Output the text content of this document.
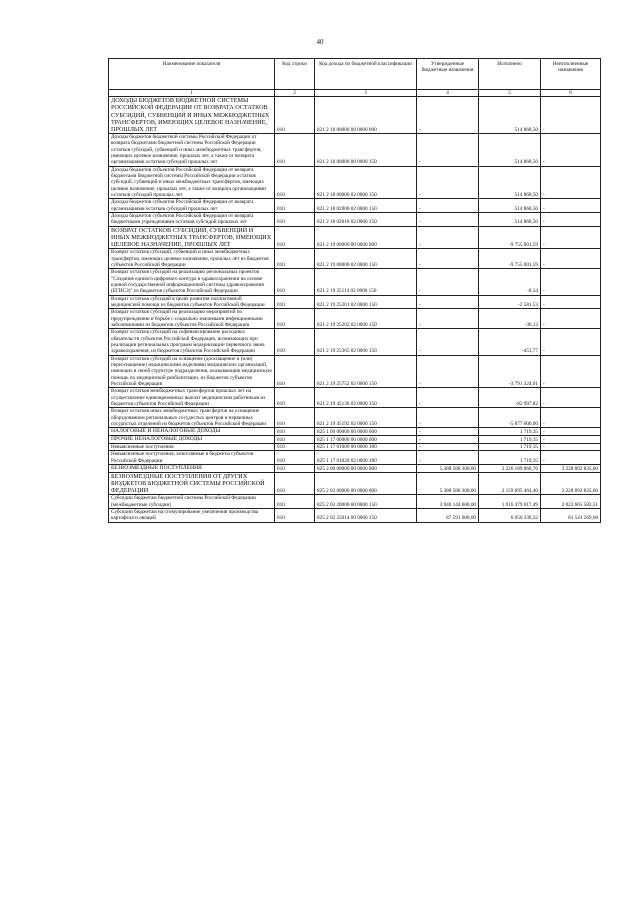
40
Наименование показателя	Код строки	Код дохода по бюджетной классификации	Утвержденные бюджетные назначения	Исполнено	Неисполненные назначения
1	2	3	4	5	6
ДОХОДЫ БЮДЖЕТОВ БЮДЖЕТНОЙ СИСТЕМЫ РОССИЙСКОЙ ФЕДЕРАЦИИ ОТ ВОЗВРАТА ОСТАТКОВ СУБСИДИЙ, СУБВЕНЦИЙ И ИНЫХ МЕЖБЮДЖЕТНЫХ ТРАНСФЕРТОВ, ИМЕЮЩИХ ЦЕЛЕВОЕ НАЗНАЧЕНИЕ, ПРОШЛЫХ ЛЕТ	010	821 2 18 00000 00 0000 000	-	514 868,50	-
Доходы бюджетов бюджетной системы Российской Федерации от возврата бюджетами бюджетной системы Российской Федерации остатков субсидий, субвенций и иных межбюджетных трансфертов, имеющих целевое назначение, прошлых лет, а также от возврата организациями остатков субсидий прошлых лет	010	821 2 18 00000 00 0000 150	-	514 868,50	-
Доходы бюджетов субъектов Российской Федерации от возврата бюджетами бюджетной системы Российской Федерации остатков субсидий, субвенций и иных межбюджетных трансфертов, имеющих целевое назначение, прошлых лет, а также от возврата организациями остатков субсидий прошлых лет	010	821 2 18 00000 02 0000 150	-	514 868,50	-
Доходы бюджетов субъектов Российской Федерации от возврата организациями остатков субсидий прошлых лет	010	821 2 18 02000 02 0000 150	-	514 868,50	-
Доходы бюджетов субъектов Российской Федерации от возврата бюджетными учреждениями остатков субсидий прошлых лет	010	821 2 18 02010 02 0000 150	-	514 868,50	-
ВОЗВРАТ ОСТАТКОВ СУБСИДИЙ, СУБВЕНЦИЙ И ИНЫХ МЕЖБЮДЖЕТНЫХ ТРАНСФЕРТОВ, ИМЕЮЩИХ ЦЕЛЕВОЕ НАЗНАЧЕНИЕ, ПРОШЛЫХ ЛЕТ	010	821 2 19 00000 00 0000 000	-	-9 755 001,59	-
Возврат остатков субсидий, субвенций и иных межбюджетных трансфертов, имеющих целевое назначение, прошлых лет из бюджетов субъектов Российской Федерации	010	821 2 19 00000 02 0000 150	-	-9 755 001,59	-
Возврат остатков субсидий на реализацию региональных проектов "Создание единого цифрового контура в здравоохранении на основе единой государственной информационной системы здравоохранения (ЕГИСЗ)" из бюджетов субъектов Российской Федерации	010	821 2 19 25114 02 0000 150	-	-8,34	-
Возврат остатков субсидий в целях развития паллиативной медицинской помощи из бюджетов субъектов Российской Федерации	010	821 2 19 25201 02 0000 150	-	-2 581,53	-
Возврат остатков субсидий на реализацию мероприятий по предупреждению и борьбе с социально значимыми инфекционными заболеваниями из бюджетов субъектов Российской Федерации	010	821 2 19 25202 02 0000 150	-	-36,12	-
Возврат остатков субсидий на софинансирование расходных обязательств субъектов Российской Федерации, возникающих при реализации региональных программ модернизации первичного звена здравоохранения, из бюджетов субъектов Российской Федерации	010	821 2 19 25365 02 0000 150	-	-453,77	-
Возврат остатков субсидий на оснащение (дооснащение и (или) переоснащение) медицинскими изделиями медицинских организаций, имеющих в своей структуре подразделения, оказывающие медицинскую помощь по медицинской реабилитации, из бюджетов субъектов Российской Федерации	010	821 2 19 25752 02 0000 150	-	-3 791 324,01	-
Возврат остатков межбюджетных трансфертов прошлых лет на осуществление единовременных выплат медицинским работникам из бюджетов субъектов Российской Федерации	010	821 2 19 45136 02 0000 150	-	-82 997,82	-
Возврат остатков иных межбюджетных трансфертов на оснащение оборудованием региональных сосудистых центров и первичных сосудистых отделений из бюджетов субъектов Российской Федерации	010	821 2 19 45192 02 0000 150	-	-5 877 600,00	-
НАЛОГОВЫЕ И НЕНАЛОГОВЫЕ ДОХОДЫ	010	825 1 00 00000 00 0000 000	-	1 719,35	-
ПРОЧИЕ НЕНАЛОГОВЫЕ ДОХОДЫ	010	825 1 17 00000 00 0000 000	-	1 719,35	-
Невыясненные поступления	010	825 1 17 01000 00 0000 180	-	1 719,35	-
Невыясненные поступления, зачисляемые в бюджеты субъектов Российской Федерации	010	825 1 17 01020 02 0000 180	-	1 719,35	-
БЕЗВОЗМЕЗДНЫЕ ПОСТУПЛЕНИЯ	010	825 2 00 00000 00 0000 000	5 388 588 300,00	2 226 189 860,76	3 228 892 835,60
БЕЗВОЗМЕЗДНЫЕ ПОСТУПЛЕНИЯ ОТ ДРУГИХ БЮДЖЕТОВ БЮДЖЕТНОЙ СИСТЕМЫ РОССИЙСКОЙ ФЕДЕРАЦИИ	010	825 2 02 00000 00 0000 000	5 388 588 300,00	2 159 695 464,40	3 228 892 835,60
Субсидии бюджетам бюджетной системы Российской Федерации (межбюджетные субсидии)	010	825 2 02 20000 00 0000 150	3 940 144 600,00	1 916 479 017,49	2 023 665 582,51
Субсидии бюджетам на стимулирование увеличения производства картофеля и овощей	010	825 2 02 25014 00 0000 150	87 591 600,00	6 050 330,32	81 541 269,68
